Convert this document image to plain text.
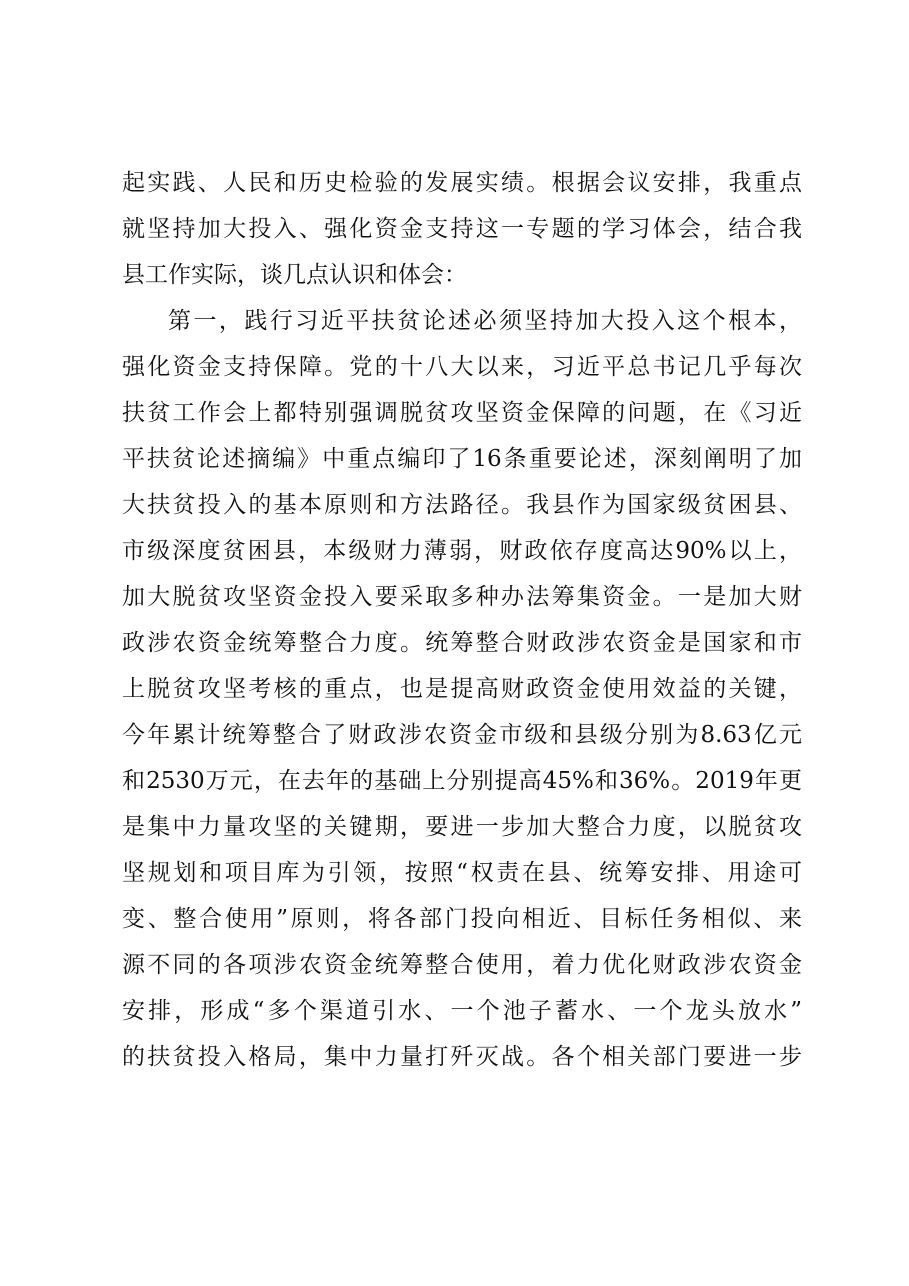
起实践、人民和历史检验的发展实绩。根据会议安排，我重点
就坚持加大投入、强化资金支持这一专题的学习体会，结合我
县工作实际，谈几点认识和体会：
第一，践行习近平扶贫论述必须坚持加大投入这个根本，
强化资金支持保障。党的十八大以来，习近平总书记几乎每次
扶贫工作会上都特别强调脱贫攻坚资金保障的问题，在《习近
平扶贫论述摘编》中重点编印了16条重要论述，深刻阐明了加
大扶贫投入的基本原则和方法路径。我县作为国家级贫困县、
市级深度贫困县，本级财力薄弱，财政依存度高达90%以上，
加大脱贫攻坚资金投入要采取多种办法筹集资金。一是加大财
政涉农资金统筹整合力度。统筹整合财政涉农资金是国家和市
上脱贫攻坚考核的重点，也是提高财政资金使用效益的关键，
今年累计统筹整合了财政涉农资金市级和县级分别为8.63亿元
和2530万元，在去年的基础上分别提高45%和36%。2019年更
是集中力量攻坚的关键期，要进一步加大整合力度，以脱贫攻
坚规划和项目库为引领，按照“权责在县、统筹安排、用途可
变、整合使用”原则，将各部门投向相近、目标任务相似、来
源不同的各项涉农资金统筹整合使用，着力优化财政涉农资金
安排，形成“多个渠道引水、一个池子蓄水、一个龙头放水”
的扶贫投入格局，集中力量打歼灭战。各个相关部门要进一步
